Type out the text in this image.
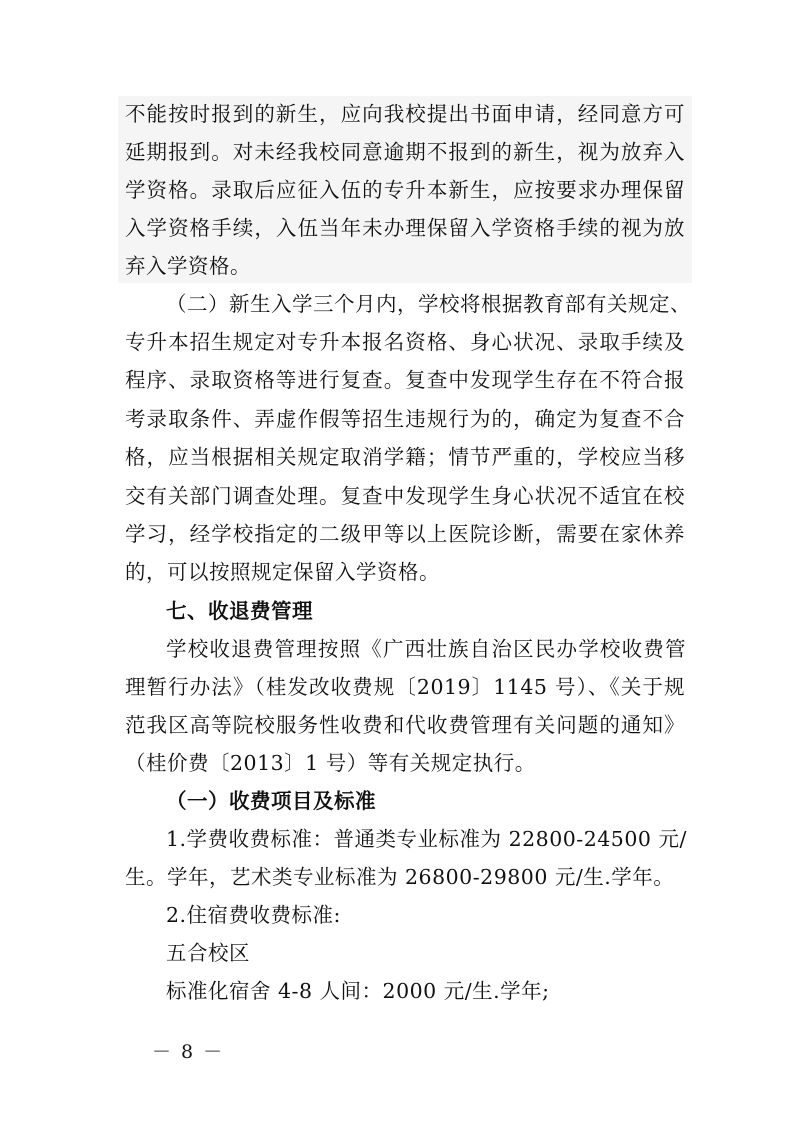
不能按时报到的新生，应向我校提出书面申请，经同意方可
延期报到。对未经我校同意逾期不报到的新生，视为放弃入
学资格。录取后应征入伍的专升本新生，应按要求办理保留
入学资格手续，入伍当年未办理保留入学资格手续的视为放
弃入学资格。
（二）新生入学三个月内，学校将根据教育部有关规定、
专升本招生规定对专升本报名资格、身心状况、录取手续及
程序、录取资格等进行复查。复查中发现学生存在不符合报
考录取条件、弄虚作假等招生违规行为的，确定为复查不合
格，应当根据相关规定取消学籍；情节严重的，学校应当移
交有关部门调查处理。复查中发现学生身心状况不适宜在校
学习，经学校指定的二级甲等以上医院诊断，需要在家休养
的，可以按照规定保留入学资格。
七、收退费管理
学校收退费管理按照《广西壮族自治区民办学校收费管
理暂行办法》（桂发改收费规〔2019〕1145 号）、《关于规
范我区高等院校服务性收费和代收费管理有关问题的通知》
（桂价费〔2013〕1 号）等有关规定执行。
（一）收费项目及标准
1.学费收费标准：普通类专业标准为 22800-24500 元/
生。学年，艺术类专业标准为 26800-29800 元/生.学年。
2.住宿费收费标准:
五合校区
标准化宿舍 4-8 人间：2000 元/生.学年;
－ 8 －
